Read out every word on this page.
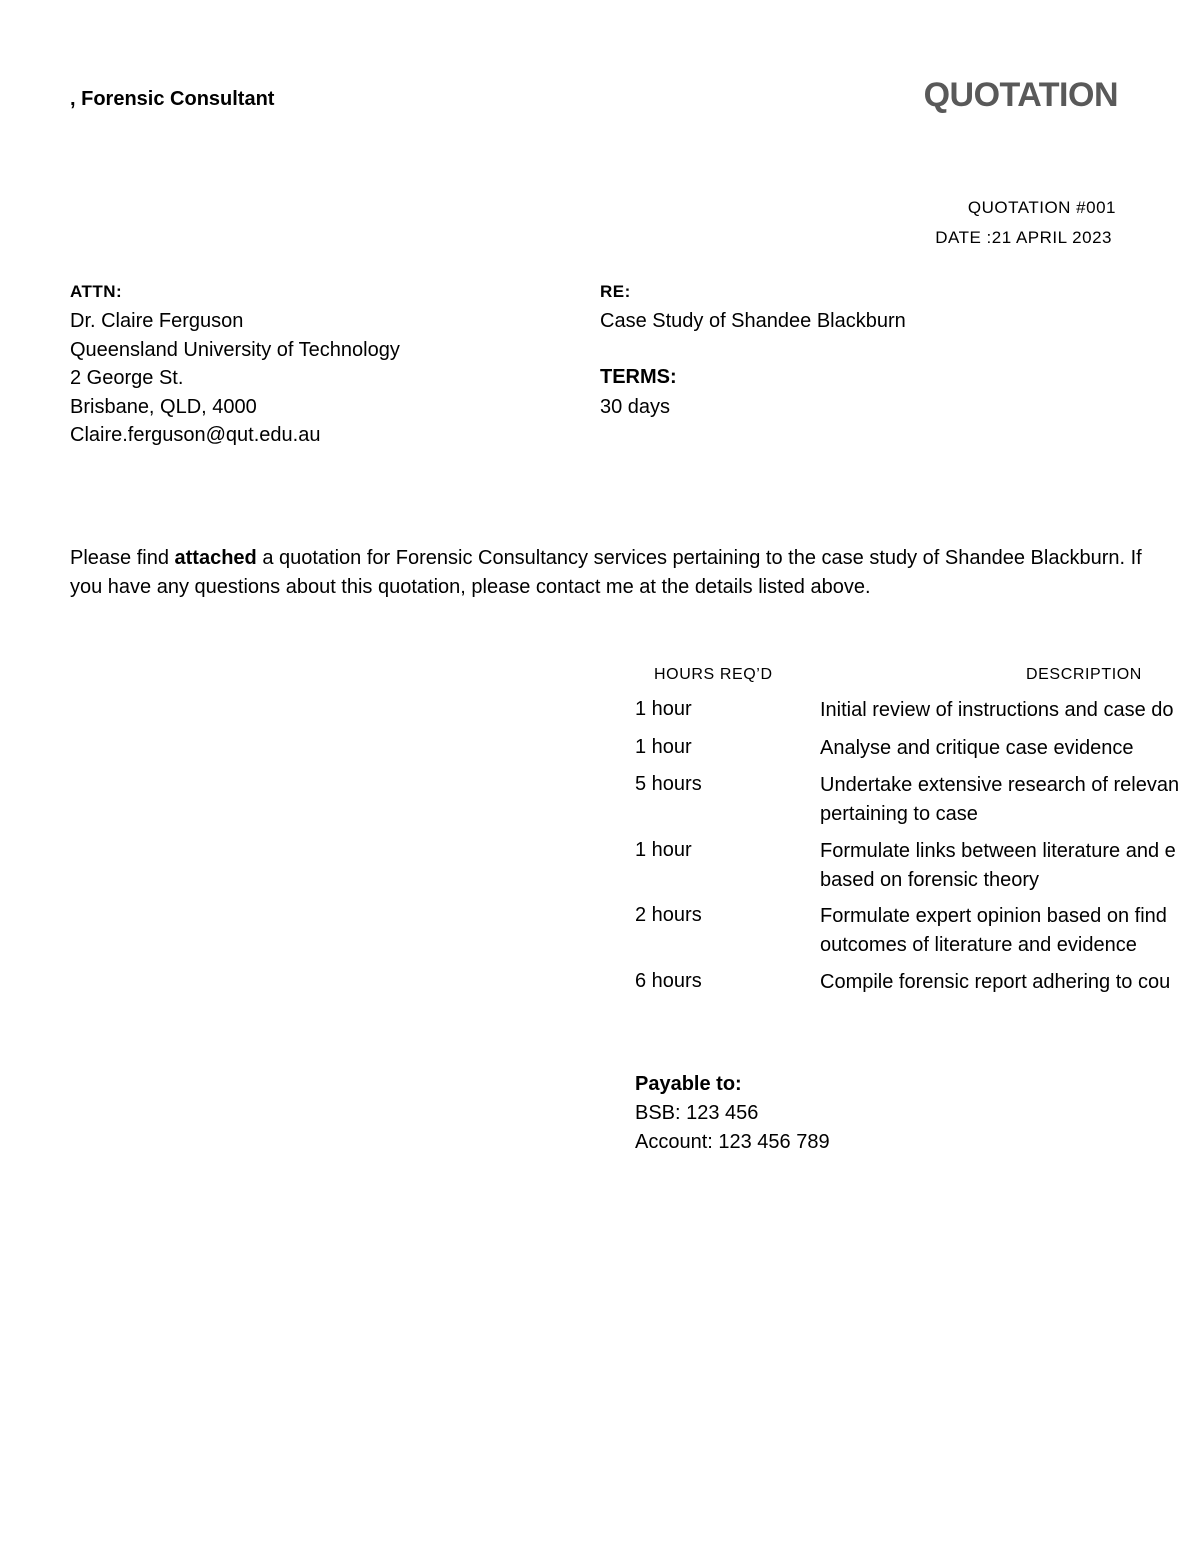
, Forensic Consultant	QUOTATION
QUOTATION #001
DATE :21 APRIL 2023
ATTN:
Dr. Claire Ferguson
Queensland University of Technology
2 George St.
Brisbane, QLD, 4000
Claire.ferguson@qut.edu.au
RE:
Case Study of Shandee Blackburn
TERMS:
30 days
Please find attached a quotation for Forensic Consultancy services pertaining to the case study of Shandee Blackburn. If you have any questions about this quotation, please contact me at the details listed above.
HOURS REQ’D	DESCRIPTION
1 hour	Initial review of instructions and case do
1 hour	Analyse and critique case evidence
5 hours	Undertake extensive research of relevan
pertaining to case
1 hour	Formulate links between literature and e
based on forensic theory
2 hours	Formulate expert opinion based on find
outcomes of literature and evidence
6 hours	Compile forensic report adhering to cou
Payable to:
BSB: 123 456
Account: 123 456 789
